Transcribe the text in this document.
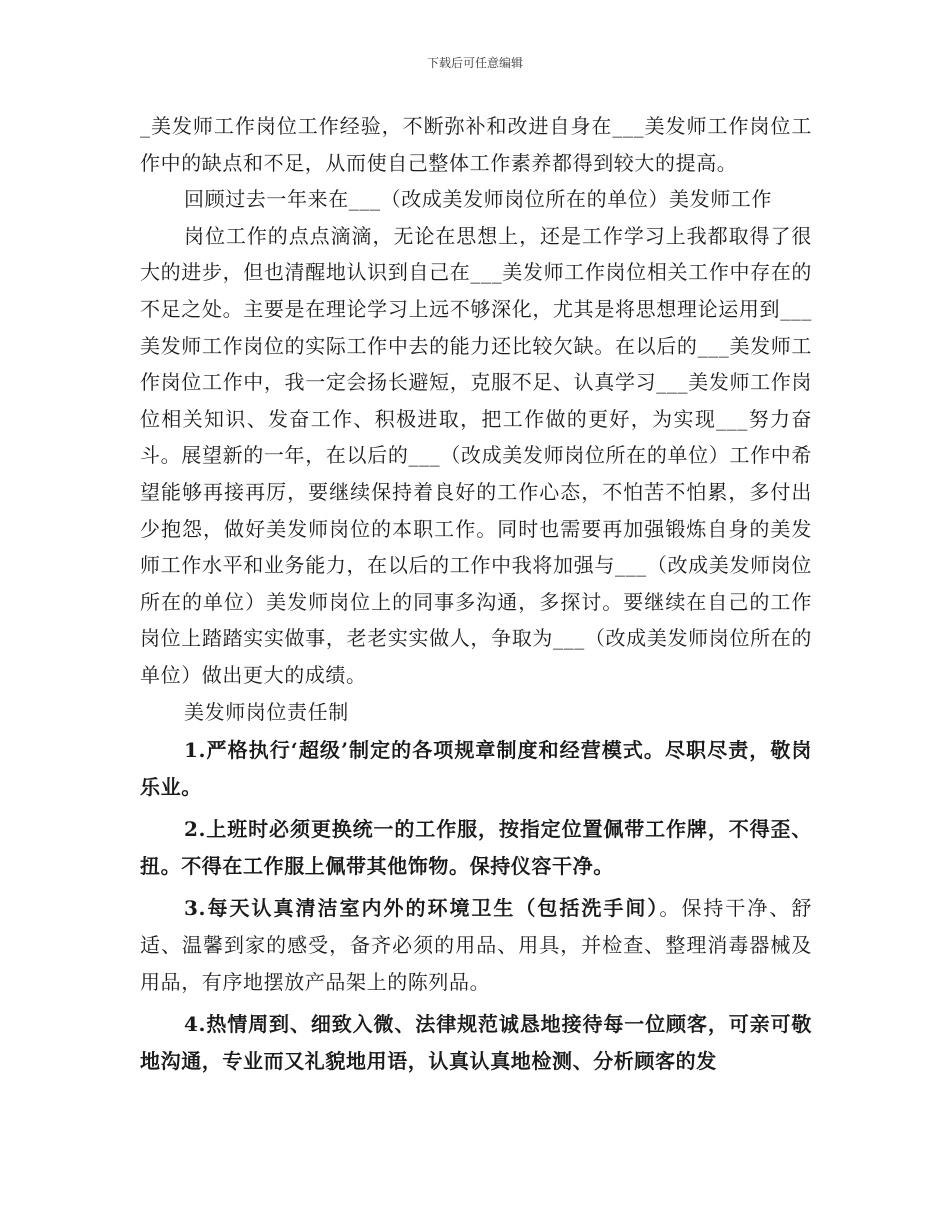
下载后可任意编辑

_美发师工作岗位工作经验，不断弥补和改进自身在___美发师工作岗位工作中的缺点和不足，从而使自己整体工作素养都得到较大的提高。

回顾过去一年来在___（改成美发师岗位所在的单位）美发师工作

岗位工作的点点滴滴，无论在思想上，还是工作学习上我都取得了很大的进步，但也清醒地认识到自己在___美发师工作岗位相关工作中存在的不足之处。主要是在理论学习上远不够深化，尤其是将思想理论运用到___美发师工作岗位的实际工作中去的能力还比较欠缺。在以后的___美发师工作岗位工作中，我一定会扬长避短，克服不足、认真学习___美发师工作岗位相关知识、发奋工作、积极进取，把工作做的更好，为实现___努力奋斗。展望新的一年，在以后的___（改成美发师岗位所在的单位）工作中希望能够再接再厉，要继续保持着良好的工作心态，不怕苦不怕累，多付出少抱怨，做好美发师岗位的本职工作。同时也需要再加强锻炼自身的美发师工作水平和业务能力，在以后的工作中我将加强与___（改成美发师岗位所在的单位）美发师岗位上的同事多沟通，多探讨。要继续在自己的工作岗位上踏踏实实做事，老老实实做人，争取为___（改成美发师岗位所在的单位）做出更大的成绩。

美发师岗位责任制

1.严格执行‘超级’制定的各项规章制度和经营模式。尽职尽责，敬岗乐业。

2.上班时必须更换统一的工作服，按指定位置佩带工作牌，不得歪、扭。不得在工作服上佩带其他饰物。保持仪容干净。

3.每天认真清洁室内外的环境卫生（包括洗手间）。保持干净、舒适、温馨到家的感受，备齐必须的用品、用具，并检查、整理消毒器械及用品，有序地摆放产品架上的陈列品。

4.热情周到、细致入微、法律规范诚恳地接待每一位顾客，可亲可敬地沟通，专业而又礼貌地用语，认真认真地检测、分析顾客的发
